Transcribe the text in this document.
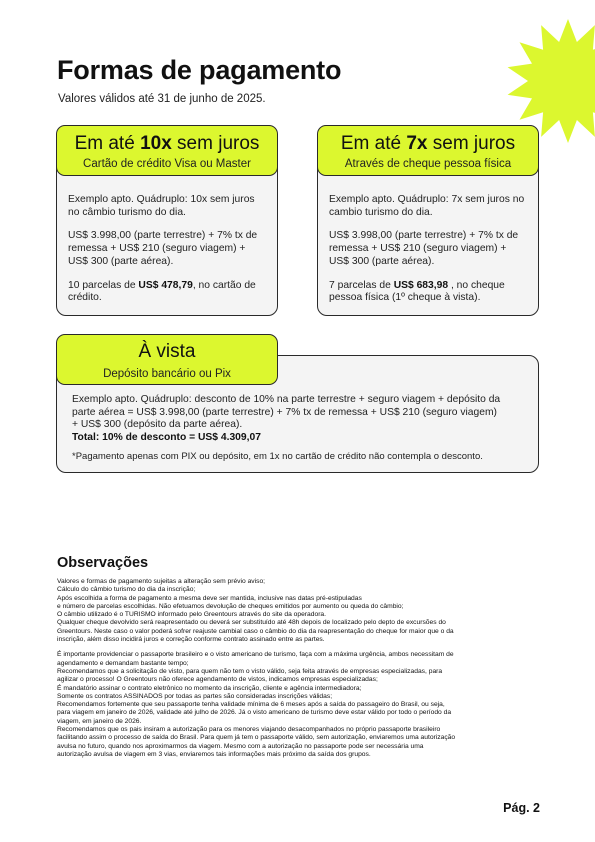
Formas de pagamento
Valores válidos até 31 de junho de 2025.
Em até 10x sem juros
Cartão de crédito Visa ou Master

Exemplo apto. Quádruplo: 10x sem juros no câmbio turismo do dia.

US$ 3.998,00 (parte terrestre) + 7% tx de remessa + US$ 210 (seguro viagem) + US$ 300 (parte aérea).

10 parcelas de US$ 478,79, no cartão de crédito.

Em até 7x sem juros
Através de cheque pessoa física

Exemplo apto. Quádruplo: 7x sem juros no cambio turismo do dia.

US$ 3.998,00 (parte terrestre) + 7% tx de remessa + US$ 210 (seguro viagem) + US$ 300 (parte aérea).

7 parcelas de US$ 683,98 , no cheque pessoa física (1º cheque à vista).

À vista
Depósito bancário ou Pix
Exemplo apto. Quádruplo: desconto de 10% na parte terrestre + seguro viagem + depósito da parte aérea = US$ 3.998,00 (parte terrestre) + 7% tx de remessa + US$ 210 (seguro viagem) + US$ 300 (depósito da parte aérea).
Total: 10% de desconto = US$ 4.309,07
*Pagamento apenas com PIX ou depósito, em 1x no cartão de crédito não contempla o desconto.
Observações
Valores e formas de pagamento sujeitas a alteração sem prévio aviso;
Cálculo do câmbio turismo do dia da inscrição;
Após escolhida a forma de pagamento a mesma deve ser mantida, inclusive nas datas pré-estipuladas
e número de parcelas escolhidas. Não efetuamos devolução de cheques emitidos por aumento ou queda do câmbio;
O câmbio utilizado é o TURISMO informado pelo Greentours através do site da operadora.
Qualquer cheque devolvido será reapresentado ou deverá ser substituído até 48h depois de localizado pelo depto de excursões do
Greentours. Neste caso o valor poderá sofrer reajuste cambial caso o câmbio do dia da reapresentação do cheque for maior que o da
inscrição, além disso incidirá juros e correção conforme contrato assinado entre as partes.
É importante providenciar o passaporte brasileiro e o visto americano de turismo, faça com a máxima urgência, ambos necessitam de
agendamento e demandam bastante tempo;
Recomendamos que a solicitação de visto, para quem não tem o visto válido, seja feita através de empresas especializadas, para
agilizar o processo! O Greentours não oferece agendamento de vistos, indicamos empresas especializadas;
É mandatório assinar o contrato eletrônico no momento da inscrição, cliente e agência intermediadora;
Somente os contratos ASSINADOS por todas as partes são consideradas inscrições válidas;
Recomendamos fortemente que seu passaporte tenha validade mínima de 6 meses após a saída do passageiro do Brasil, ou seja,
para viagem em janeiro de 2026, validade até julho de 2026. Já o visto americano de turismo deve estar válido por todo o período da
viagem, em janeiro de 2026.
Recomendamos que os pais insiram a autorização para os menores viajando desacompanhados no próprio passaporte brasileiro
facilitando assim o processo de saída do Brasil. Para quem já tem o passaporte válido, sem autorização, enviaremos uma autorização
avulsa no futuro, quando nos aproximarmos da viagem. Mesmo com a autorização no passaporte pode ser necessária uma
autorização avulsa de viagem em 3 vias, enviaremos tais informações mais próximo da saída dos grupos.
Pág. 2
